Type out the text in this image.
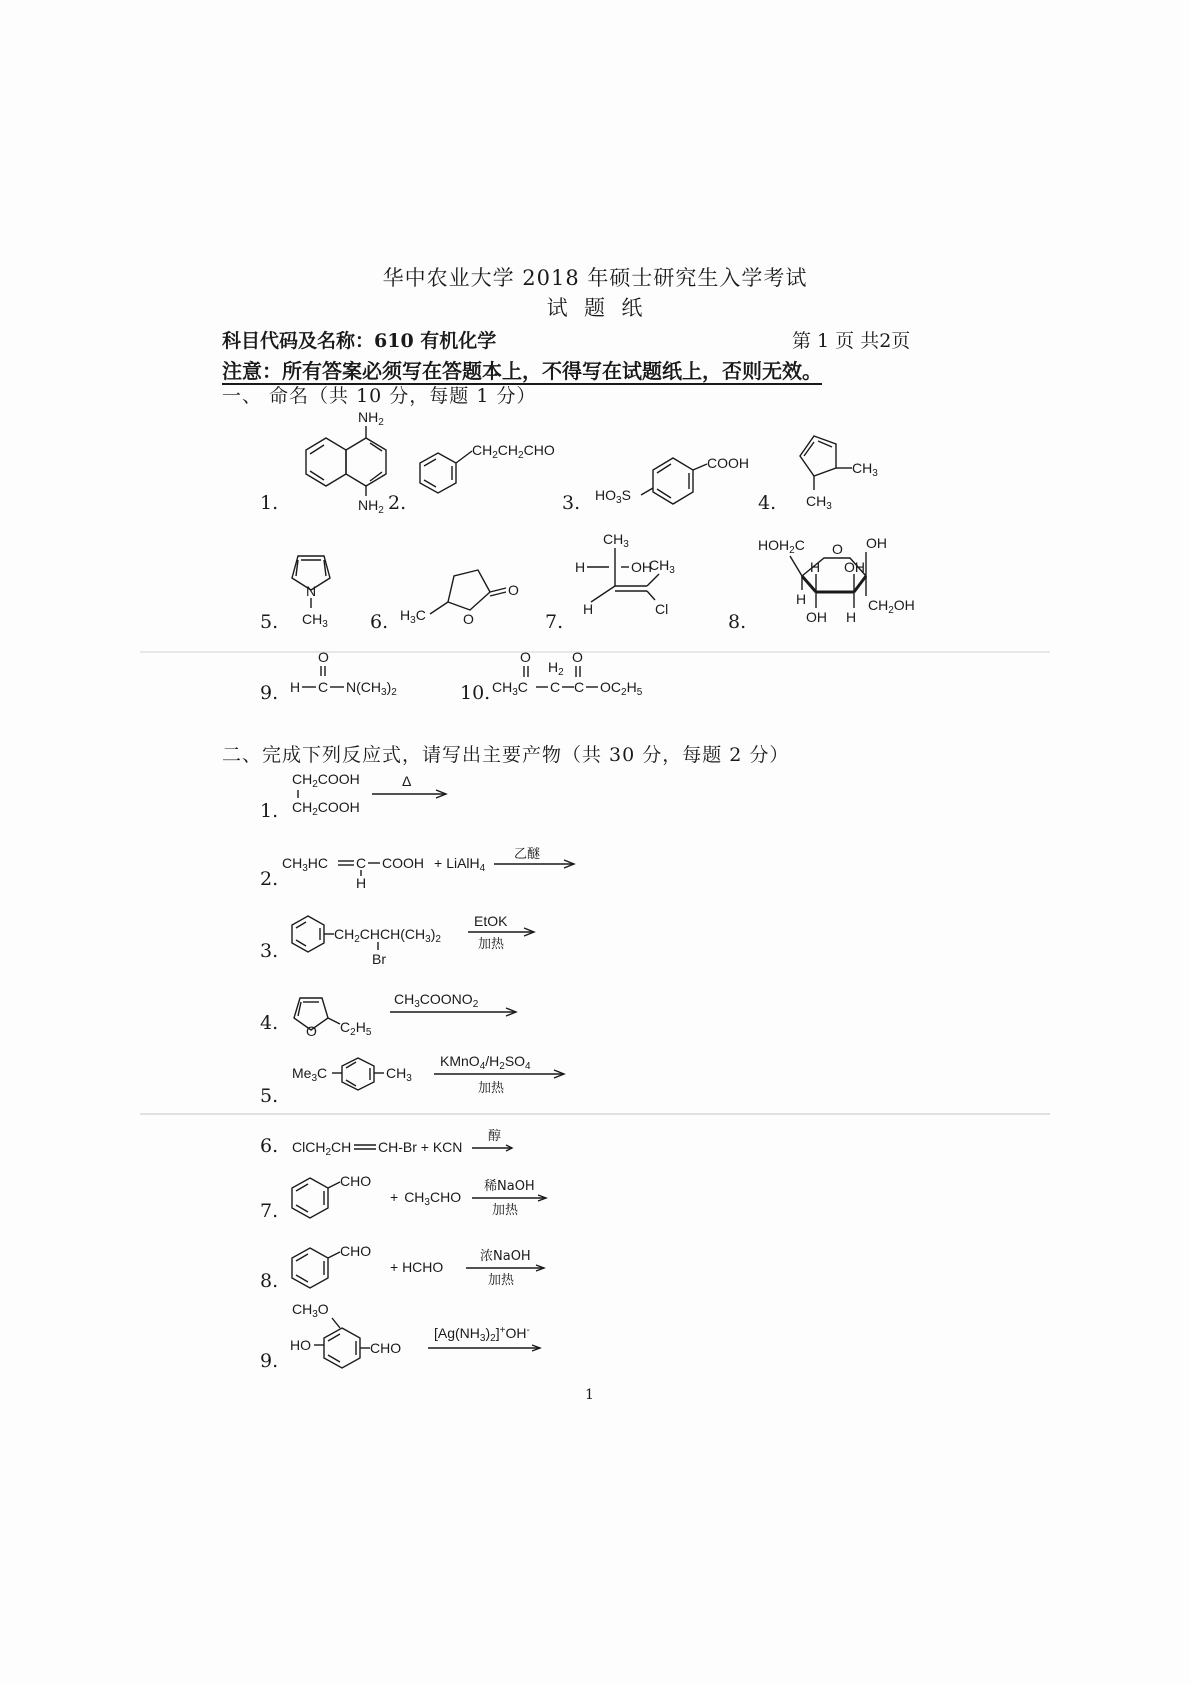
华中农业大学 2018 年硕士研究生入学考试
试  题  纸
科目代码及名称：610 有机化学	第 1 页 共2页
注意：所有答案必须写在答题本上，不得写在试题纸上，否则无效。
一、 命名（共 10 分，每题 1 分）
1.	2.	3.	4.
5.	6.	7.	8.
9.	10.
$NH_2$
$NH_2$
$CH_2CH_2CHO$
$HO_3S$
COOH	$CH_3$
$CH_3$
N
$CH_3$
$H_3C$	O
O
$CH_3$
H	OH
$CH_3$
H	Cl
$HOH_2C$ O OH
$CH_2OH$
H OH
H
OH H
O
H C $N(CH_3)_2$	$CH_3C$
O
$H_2$
C
O
C $OC_2H_5$
二、完成下列反应式，请写出主要产物（共 30 分，每题 2 分）
1.
2.
3.
4.
5.
6.
7.
8.
9.
$CH_2COOH$
$CH_2COOH$
Δ
$CH_3HC$ C
H
COOH + LiAlH$_4$
乙醚
$CH_2CHCH(CH_3)_2$
Br
EtOK
加热
O $C_2H_5$
$CH_3COONO_2$
$Me_3C$	$CH_3$
$KMnO_4/H_2SO_4$
加热
ClCH$_2$CH CH-Br + KCN
醇
CHO
+ $CH_3CHO$
稀NaOH
加热
CHO
+ HCHO
浓NaOH
加热
$CH_3O$
HO	CHO
$[Ag(NH_3)_2]^+OH^-$
1
